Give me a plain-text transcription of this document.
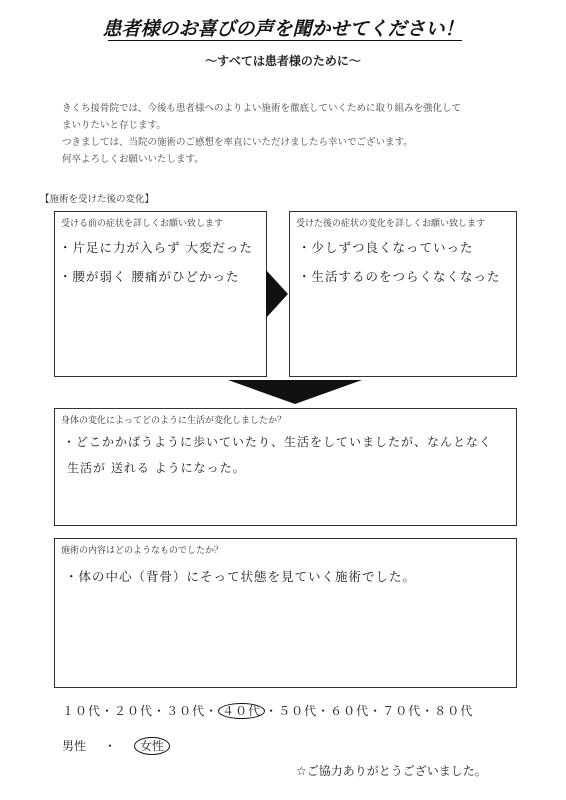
患者様のお喜びの声を聞かせてください！
～すべては患者様のために～

きくち接骨院では、今後も患者様へのよりよい施術を徹底していくために取り組みを強化して

まいりたいと存じます。

つきましては、当院の施術のご感想を率直にいただけましたら幸いでございます。

何卒よろしくお願いいたします。

【施術を受けた後の変化】
受ける前の症状を詳しくお願い致します
・片足に力が入らず 大変だった
・腰が弱く 腰痛がひどかった
受けた後の症状の変化を詳しくお願い致します
・少しずつ良くなっていった
・生活するのをつらくなくなった
身体の変化によってどのように生活が変化しましたか？
・どこかかばうように歩いていたり、生活をしていましたが、なんとなく
生活が 送れる ようになった。
施術の内容はどのようなものでしたか？
・体の中心（背骨）にそって状態を見ていく施術でした。
１０代・２０代・３０代・ ４０代 ・５０代・６０代・７０代・８０代
男性 ・ 女性
☆ご協力ありがとうございました。
